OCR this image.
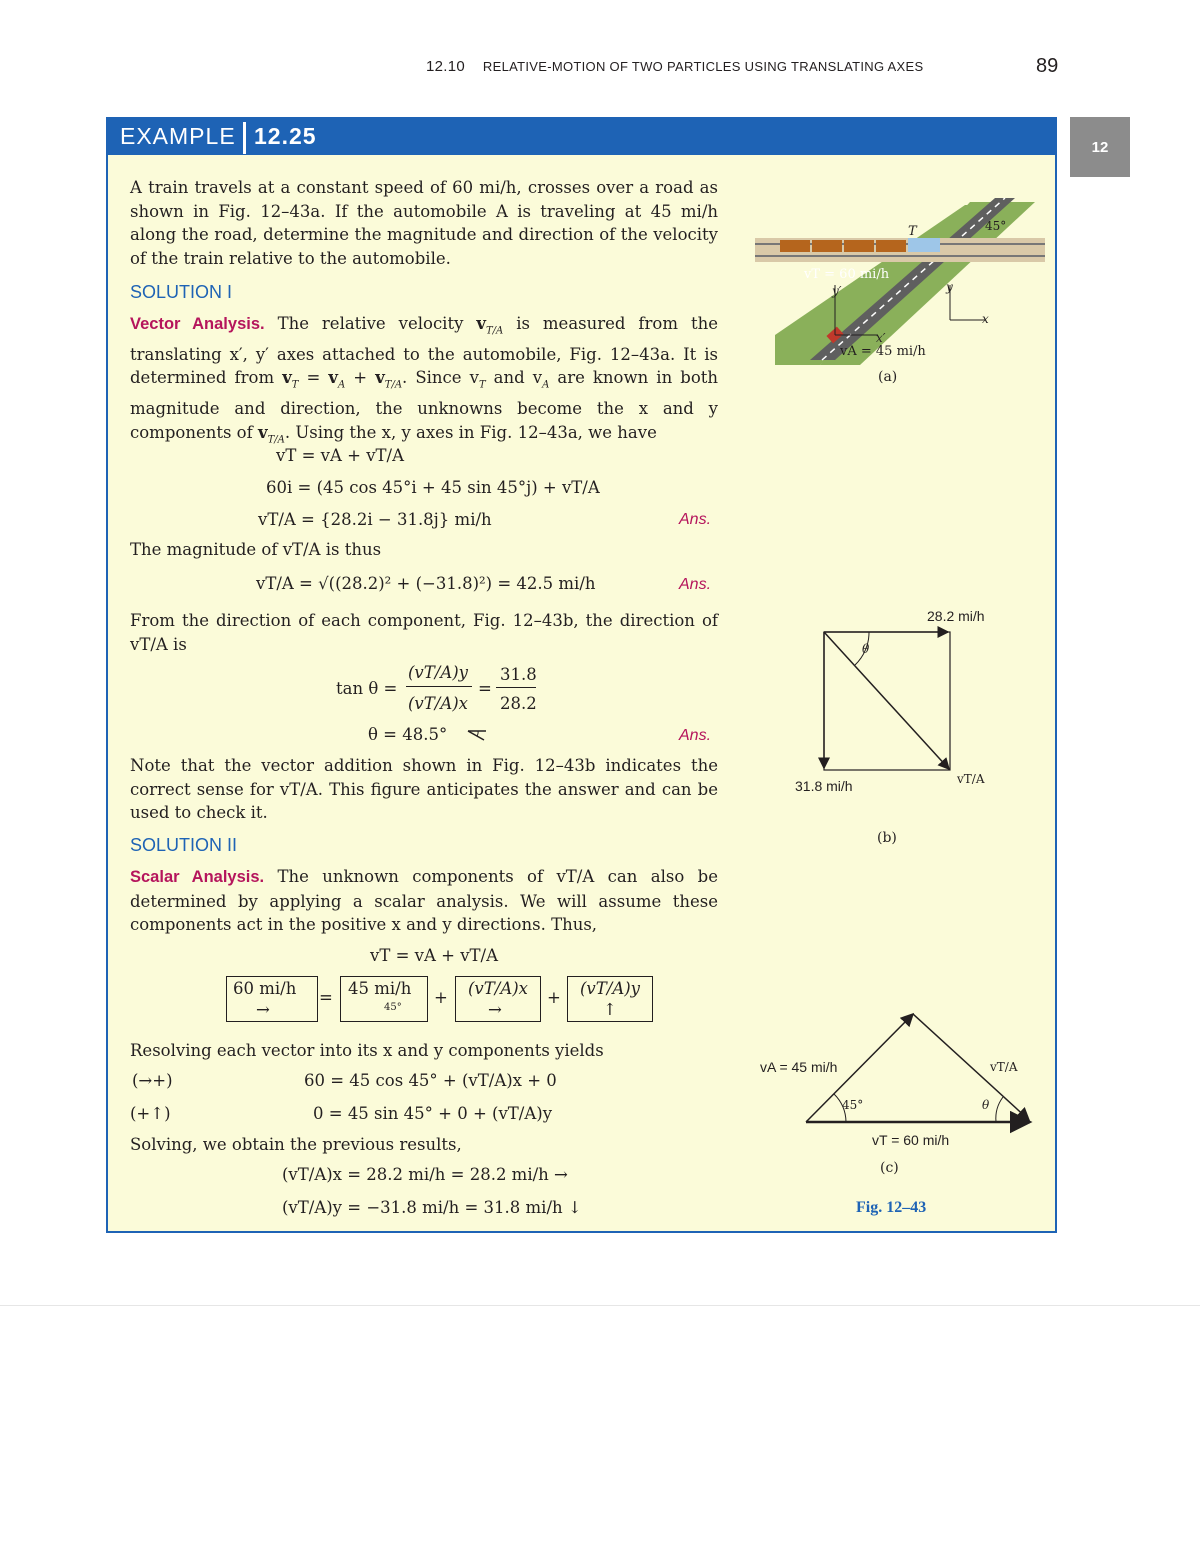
12.10 RELATIVE-MOTION OF TWO PARTICLES USING TRANSLATING AXES	89
12
EXAMPLE 12.25
A train travels at a constant speed of 60 mi/h, crosses over a road as shown in Fig. 12–43a. If the automobile A is traveling at 45 mi/h along the road, determine the magnitude and direction of the velocity of the train relative to the automobile.
SOLUTION I
Vector Analysis. The relative velocity $v_{T/A}$ is measured from the translating x′, y′ axes attached to the automobile, Fig. 12–43a. It is determined from $v_T = v_A + v_{T/A}$. Since $v_T$ and $v_A$ are known in both magnitude and direction, the unknowns become the x and y components of $v_{T/A}$. Using the x, y axes in Fig. 12–43a, we have
vT = vA + vT/A
60i = (45 cos 45°i + 45 sin 45°j) + vT/A
vT/A = {28.2i − 31.8j} mi/h	Ans.
The magnitude of vT/A is thus
vT/A = √((28.2)² + (−31.8)²) = 42.5 mi/h	Ans.
From the direction of each component, Fig. 12–43b, the direction of vT/A is
tan θ =
(vT/A)y
(vT/A)x
=
31.8
28.2
θ = 48.5°	Ans.
Note that the vector addition shown in Fig. 12–43b indicates the correct sense for vT/A. This figure anticipates the answer and can be used to check it.
SOLUTION II
Scalar Analysis. The unknown components of vT/A can also be determined by applying a scalar analysis. We will assume these components act in the positive x and y directions. Thus,
vT = vA + vT/A
60 mi/h
→
= 45 mi/h
45°
+ (vT/A)x
→
+ (vT/A)y
↑
Resolving each vector into its x and y components yields
(→+)	60 = 45 cos 45° + (vT/A)x + 0
(+↑)	0 = 45 sin 45° + 0 + (vT/A)y
Solving, we obtain the previous results,
(vT/A)x = 28.2 mi/h = 28.2 mi/h →
(vT/A)y = −31.8 mi/h = 31.8 mi/h ↓
T	45°
vT = 60 mi/h
y′	y
x
x′
vA = 45 mi/h
(a)
28.2 mi/h
θ
31.8 mi/h	vT/A
(b)
vA = 45 mi/h	vT/A
45°	θ
vT = 60 mi/h
(c)
Fig. 12–43
